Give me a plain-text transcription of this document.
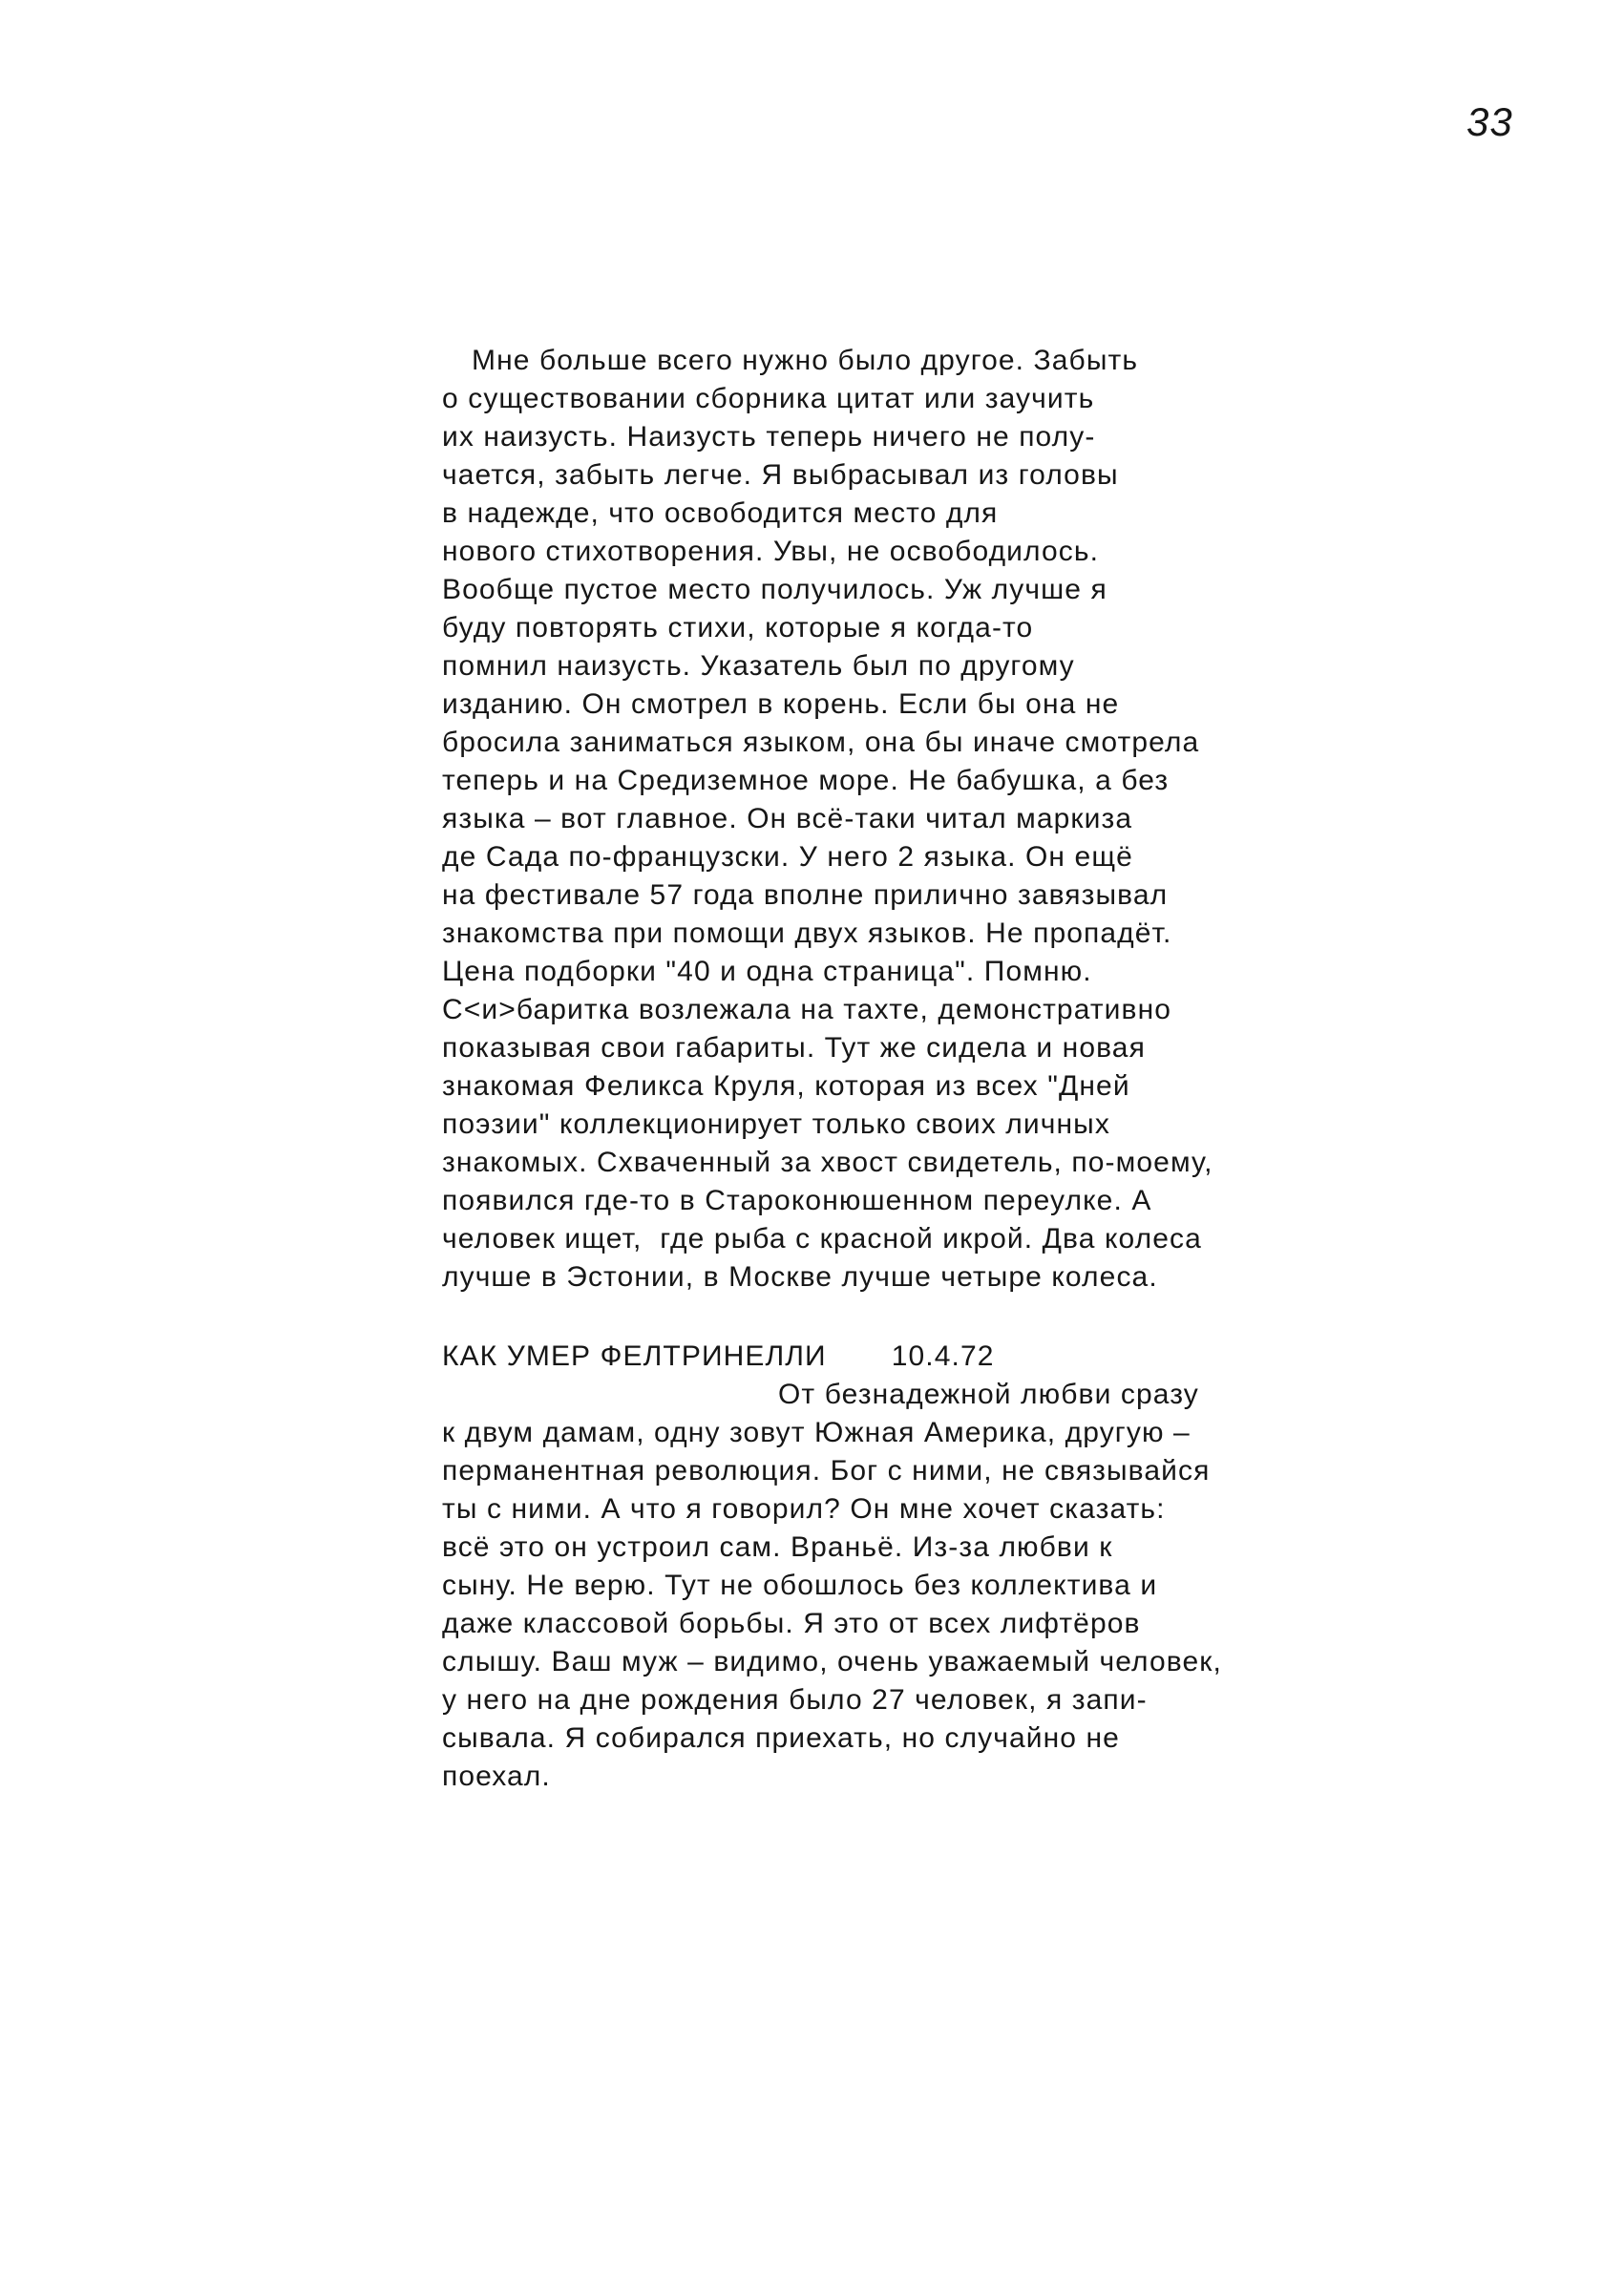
33
Мне больше всего нужно было другое. Забыть
о существовании сборника цитат или заучить
их наизусть. Наизусть теперь ничего не полу-
чается, забыть легче. Я выбрасывал из головы
в надежде, что освободится место для
нового стихотворения. Увы, не освободилось.
Вообще пустое место получилось. Уж лучше я
буду повторять стихи, которые я когда-то
помнил наизусть. Указатель был по другому
изданию. Он смотрел в корень. Если бы она не
бросила заниматься языком, она бы иначе смотрела
теперь и на Средиземное море. Не бабушка, а без
языка – вот главное. Он всё-таки читал маркиза
де Сада по-французски. У него 2 языка. Он ещё
на фестивале 57 года вполне прилично завязывал
знакомства при помощи двух языков. Не пропадёт.
Цена подборки "40 и одна страница". Помню.
С<и>баритка возлежала на тахте, демонстративно
показывая свои габариты. Тут же сидела и новая
знакомая Феликса Круля, которая из всех "Дней
поэзии" коллекционирует только своих личных
знакомых. Схваченный за хвост свидетель, по-моему,
появился где-то в Староконюшенном переулке. А
человек ищет,  где рыба с красной икрой. Два колеса
лучше в Эстонии, в Москве лучше четыре колеса.
КАК УМЕР ФЕЛТРИНЕЛЛИ 10.4.72
От безнадежной любви сразу
к двум дамам, одну зовут Южная Америка, другую –
перманентная революция. Бог с ними, не связывайся
ты с ними. А что я говорил? Он мне хочет сказать:
всё это он устроил сам. Враньё. Из-за любви к
сыну. Не верю. Тут не обошлось без коллектива и
даже классовой борьбы. Я это от всех лифтёров
слышу. Ваш муж – видимо, очень уважаемый человек,
у него на дне рождения было 27 человек, я запи-
сывала. Я собирался приехать, но случайно не
поехал.
